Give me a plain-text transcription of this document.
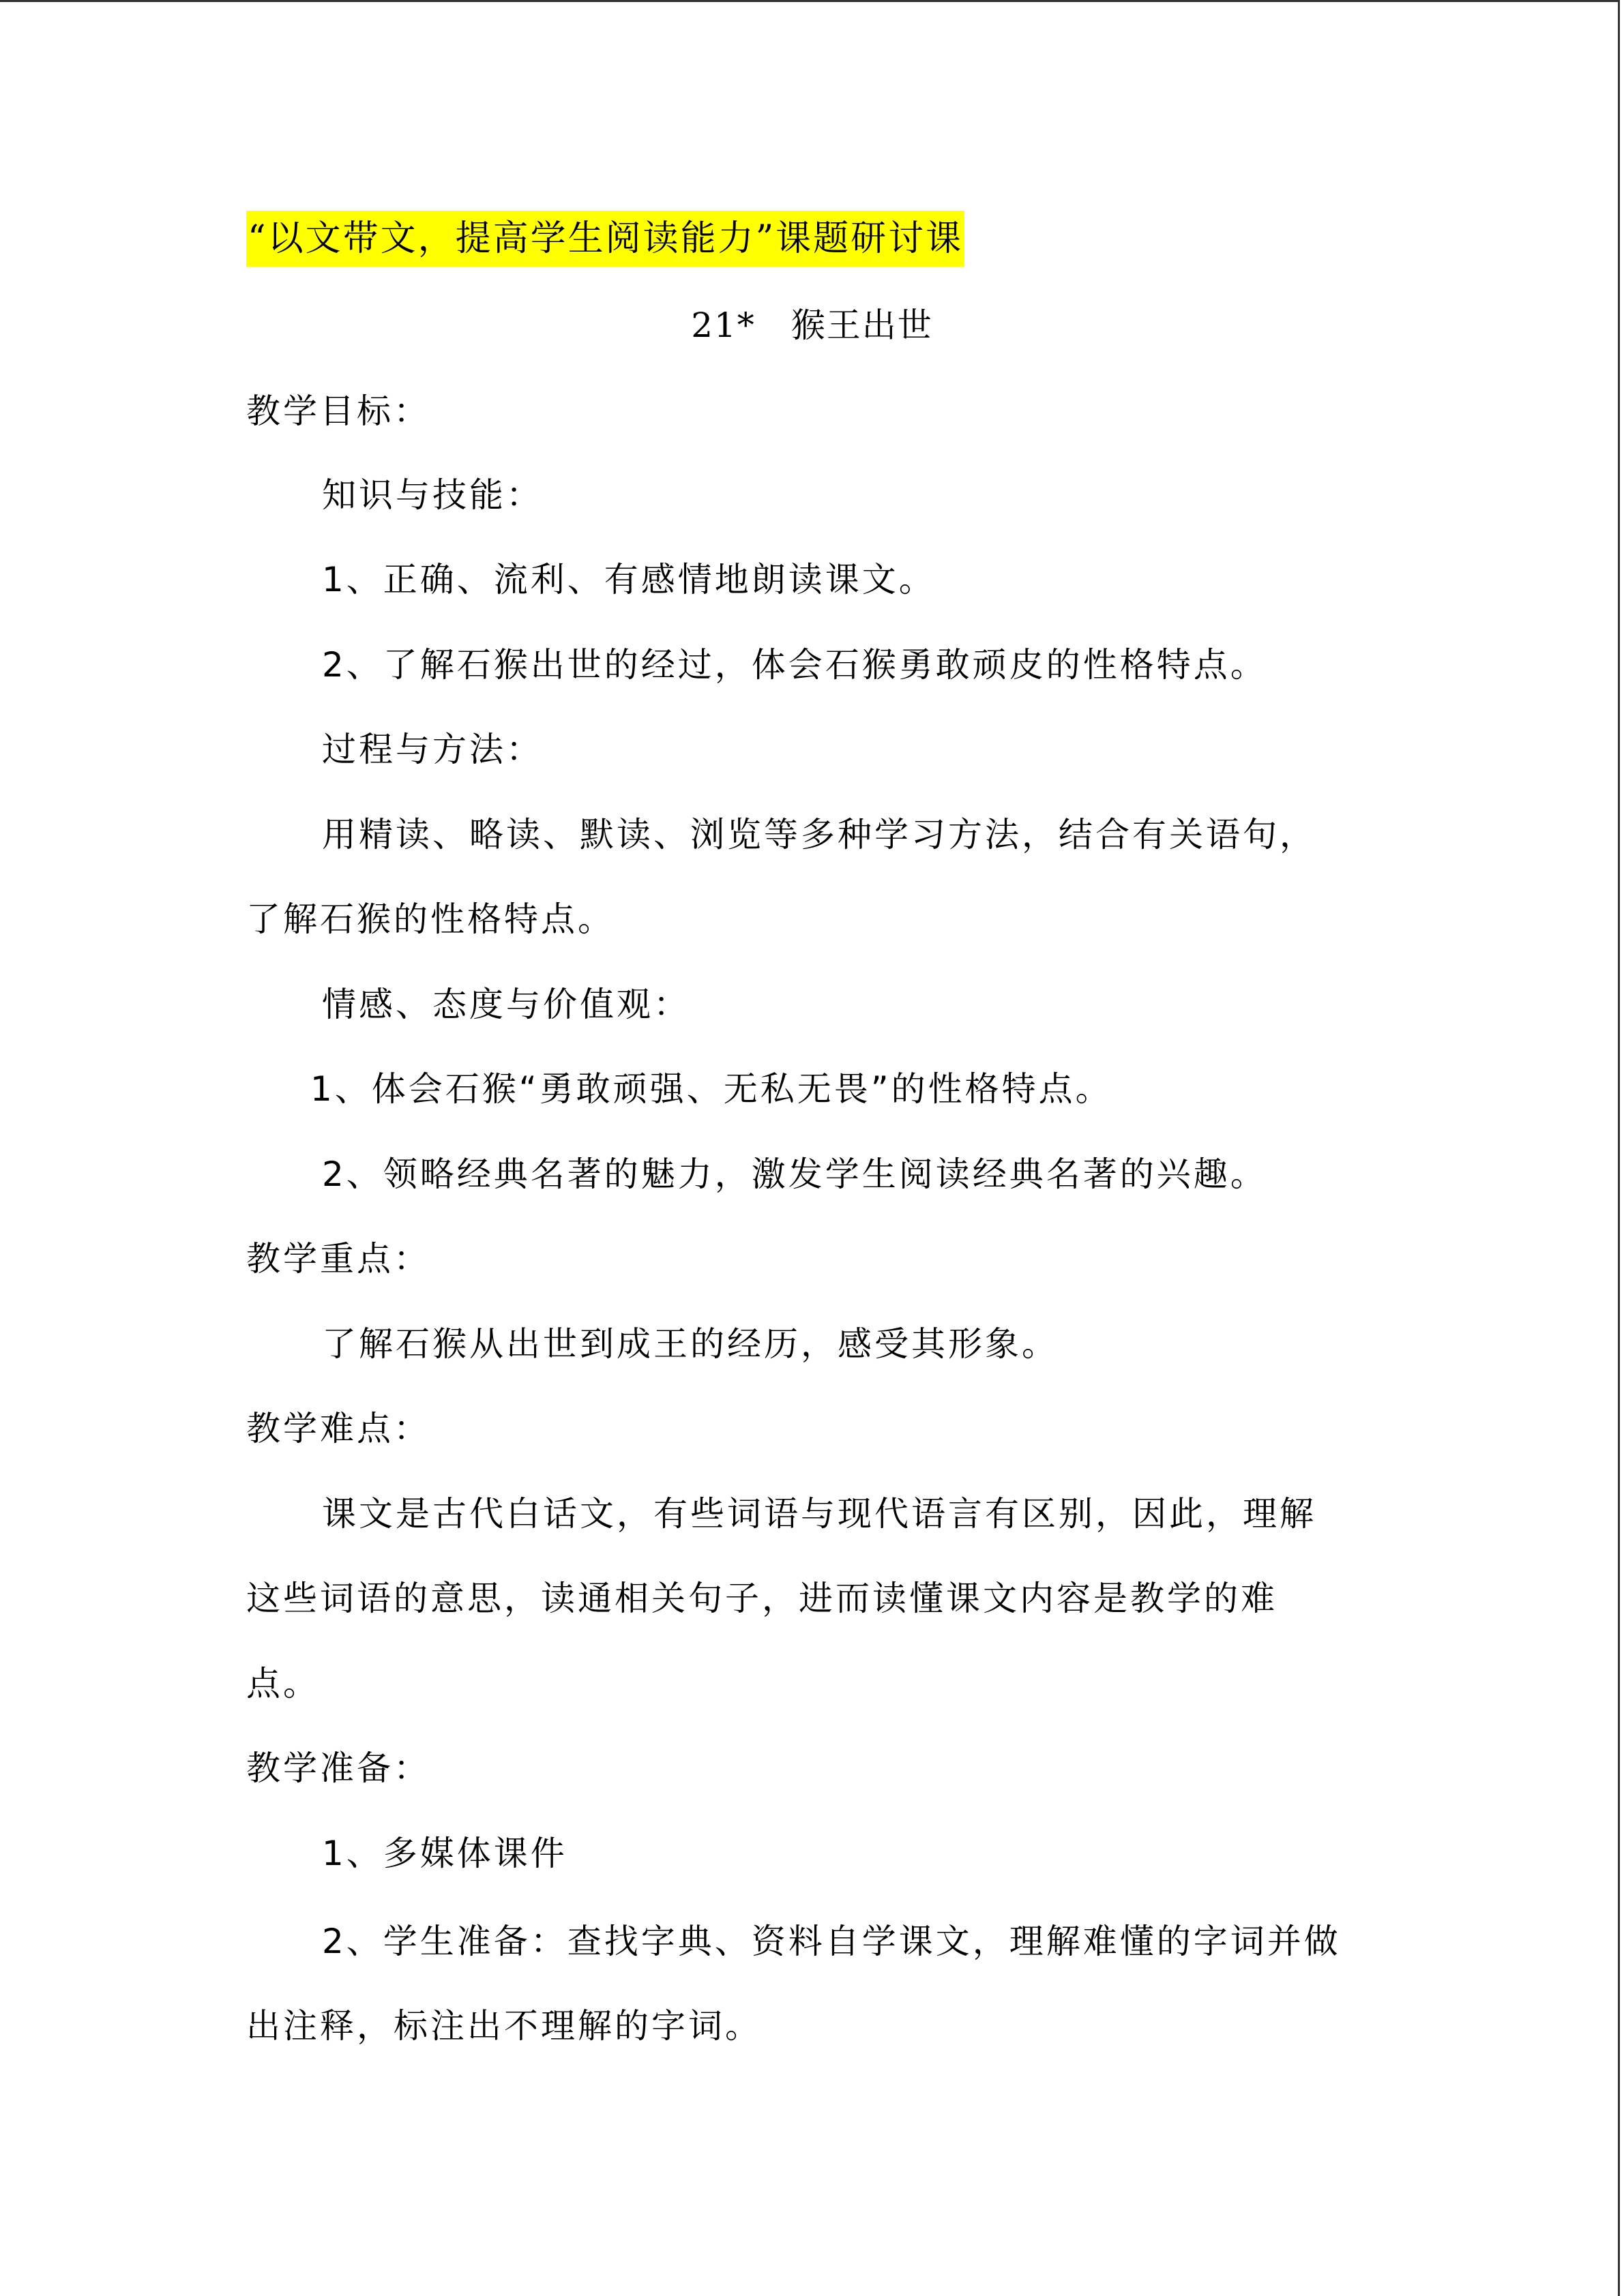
“以文带文，提高学生阅读能力”课题研讨课
21*　猴王出世
教学目标：
知识与技能：
1、正确、流利、有感情地朗读课文。
2、了解石猴出世的经过，体会石猴勇敢顽皮的性格特点。
过程与方法：
用精读、略读、默读、浏览等多种学习方法，结合有关语句，
了解石猴的性格特点。
情感、态度与价值观：
1、体会石猴“勇敢顽强、无私无畏”的性格特点。
2、领略经典名著的魅力，激发学生阅读经典名著的兴趣。
教学重点：
了解石猴从出世到成王的经历，感受其形象。
教学难点：
课文是古代白话文，有些词语与现代语言有区别，因此，理解
这些词语的意思，读通相关句子，进而读懂课文内容是教学的难
点。
教学准备：
1、多媒体课件
2、学生准备：查找字典、资料自学课文，理解难懂的字词并做
出注释，标注出不理解的字词。
